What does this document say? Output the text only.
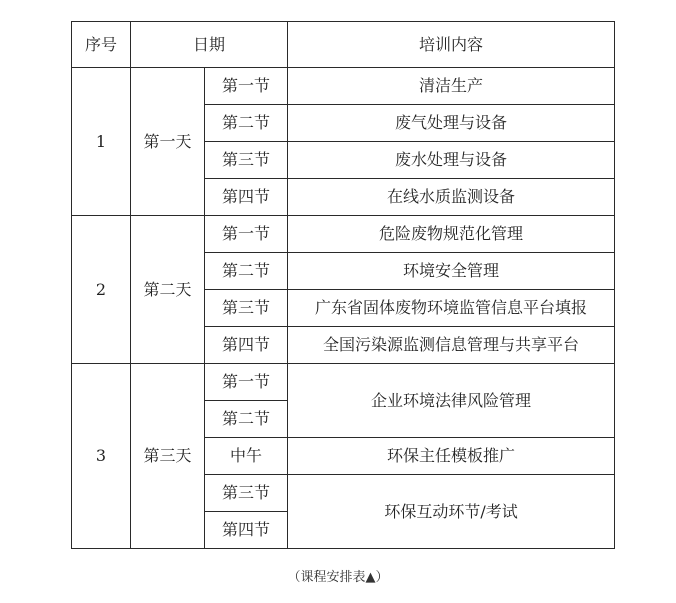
序号	日期		培训内容
1	第一天	第一节	清洁生产
		第二节	废气处理与设备
		第三节	废水处理与设备
		第四节	在线水质监测设备
2	第二天	第一节	危险废物规范化管理
		第二节	环境安全管理
		第三节	广东省固体废物环境监管信息平台填报
		第四节	全国污染源监测信息管理与共享平台
3	第三天	第一节	企业环境法律风险管理
		第二节	
		中午	环保主任模板推广
		第三节	环保互动环节/考试
		第四节	
（课程安排表▲）
